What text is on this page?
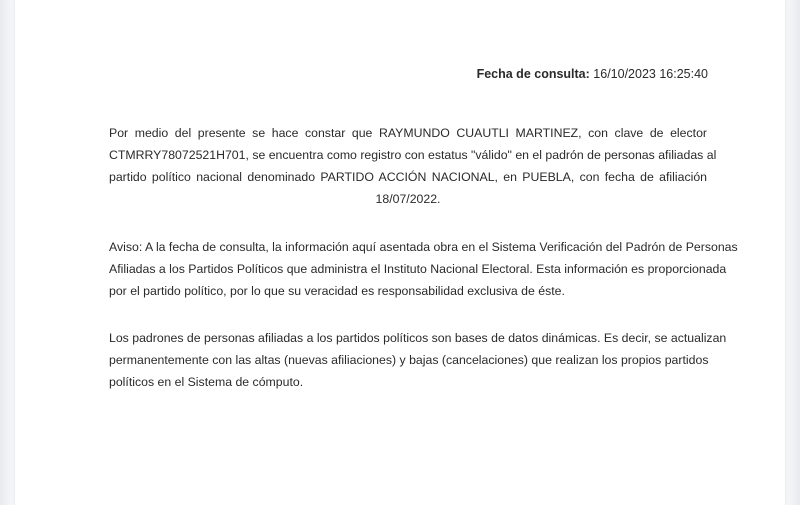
Fecha de consulta: 16/10/2023 16:25:40
Por medio del presente se hace constar que RAYMUNDO CUAUTLI MARTINEZ, con clave de elector
CTMRRY78072521H701, se encuentra como registro con estatus "válido" en el padrón de personas afiliadas al
partido político nacional denominado PARTIDO ACCIÓN NACIONAL, en PUEBLA, con fecha de afiliación
18/07/2022.
Aviso: A la fecha de consulta, la información aquí asentada obra en el Sistema Verificación del Padrón de Personas
Afiliadas a los Partidos Políticos que administra el Instituto Nacional Electoral. Esta información es proporcionada
por el partido político, por lo que su veracidad es responsabilidad exclusiva de éste.
Los padrones de personas afiliadas a los partidos políticos son bases de datos dinámicas. Es decir, se actualizan
permanentemente con las altas (nuevas afiliaciones) y bajas (cancelaciones) que realizan los propios partidos
políticos en el Sistema de cómputo.
